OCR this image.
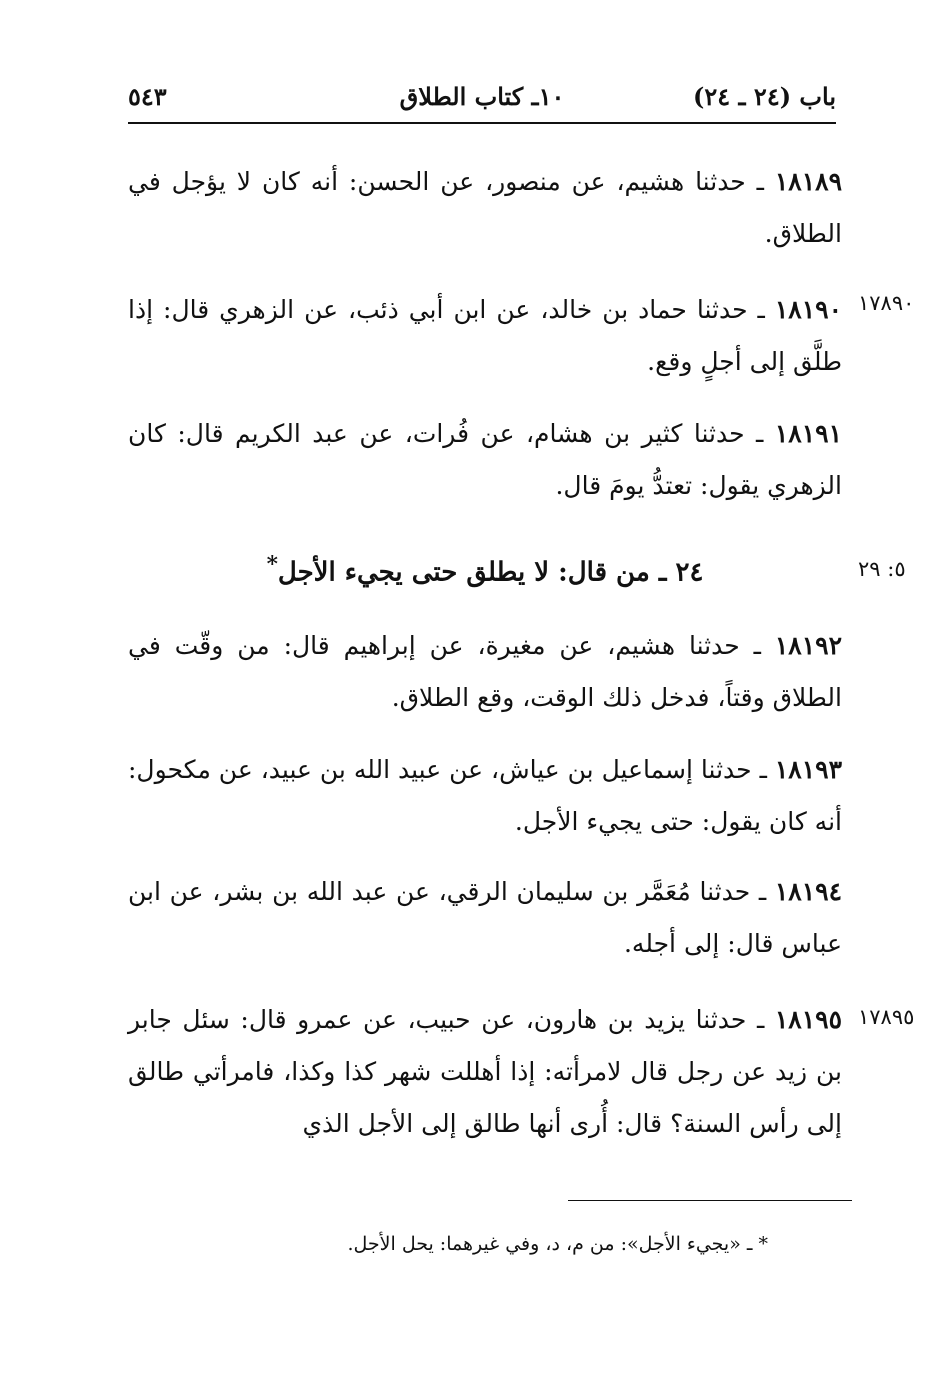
١٠ـ كتاب الطلاق	باب (٢٤ ـ ٢٤)
٥٤٣
١٨١٨٩ ـ حدثنا هشيم، عن منصور، عن الحسن: أنه كان لا يؤجل في الطلاق.
١٧٨٩٠
١٨١٩٠ ـ حدثنا حماد بن خالد، عن ابن أبي ذئب، عن الزهري قال: إذا طلَّق إلى أجلٍ وقع.
١٨١٩١ ـ حدثنا كثير بن هشام، عن فُرات، عن عبد الكريم قال: كان الزهري يقول: تعتدُّ يومَ قال.
٥: ٢٩
٢٤ ـ من قال: لا يطلق حتى يجيء الأجل*
١٨١٩٢ ـ حدثنا هشيم، عن مغيرة، عن إبراهيم قال: من وقّت في الطلاق وقتاً، فدخل ذلك الوقت، وقع الطلاق.
١٨١٩٣ ـ حدثنا إسماعيل بن عياش، عن عبيد الله بن عبيد، عن مكحول: أنه كان يقول: حتى يجيء الأجل.
١٨١٩٤ ـ حدثنا مُعَمَّر بن سليمان الرقي، عن عبد الله بن بشر، عن ابن عباس قال: إلى أجله.
١٧٨٩٥
١٨١٩٥ ـ حدثنا يزيد بن هارون، عن حبيب، عن عمرو قال: سئل جابر بن زيد عن رجل قال لامرأته: إذا أهللت شهر كذا وكذا، فامرأتي طالق إلى رأس السنة؟ قال: أُرى أنها طالق إلى الأجل الذي
* ـ «يجيء الأجل»: من م، د، وفي غيرهما: يحل الأجل.
